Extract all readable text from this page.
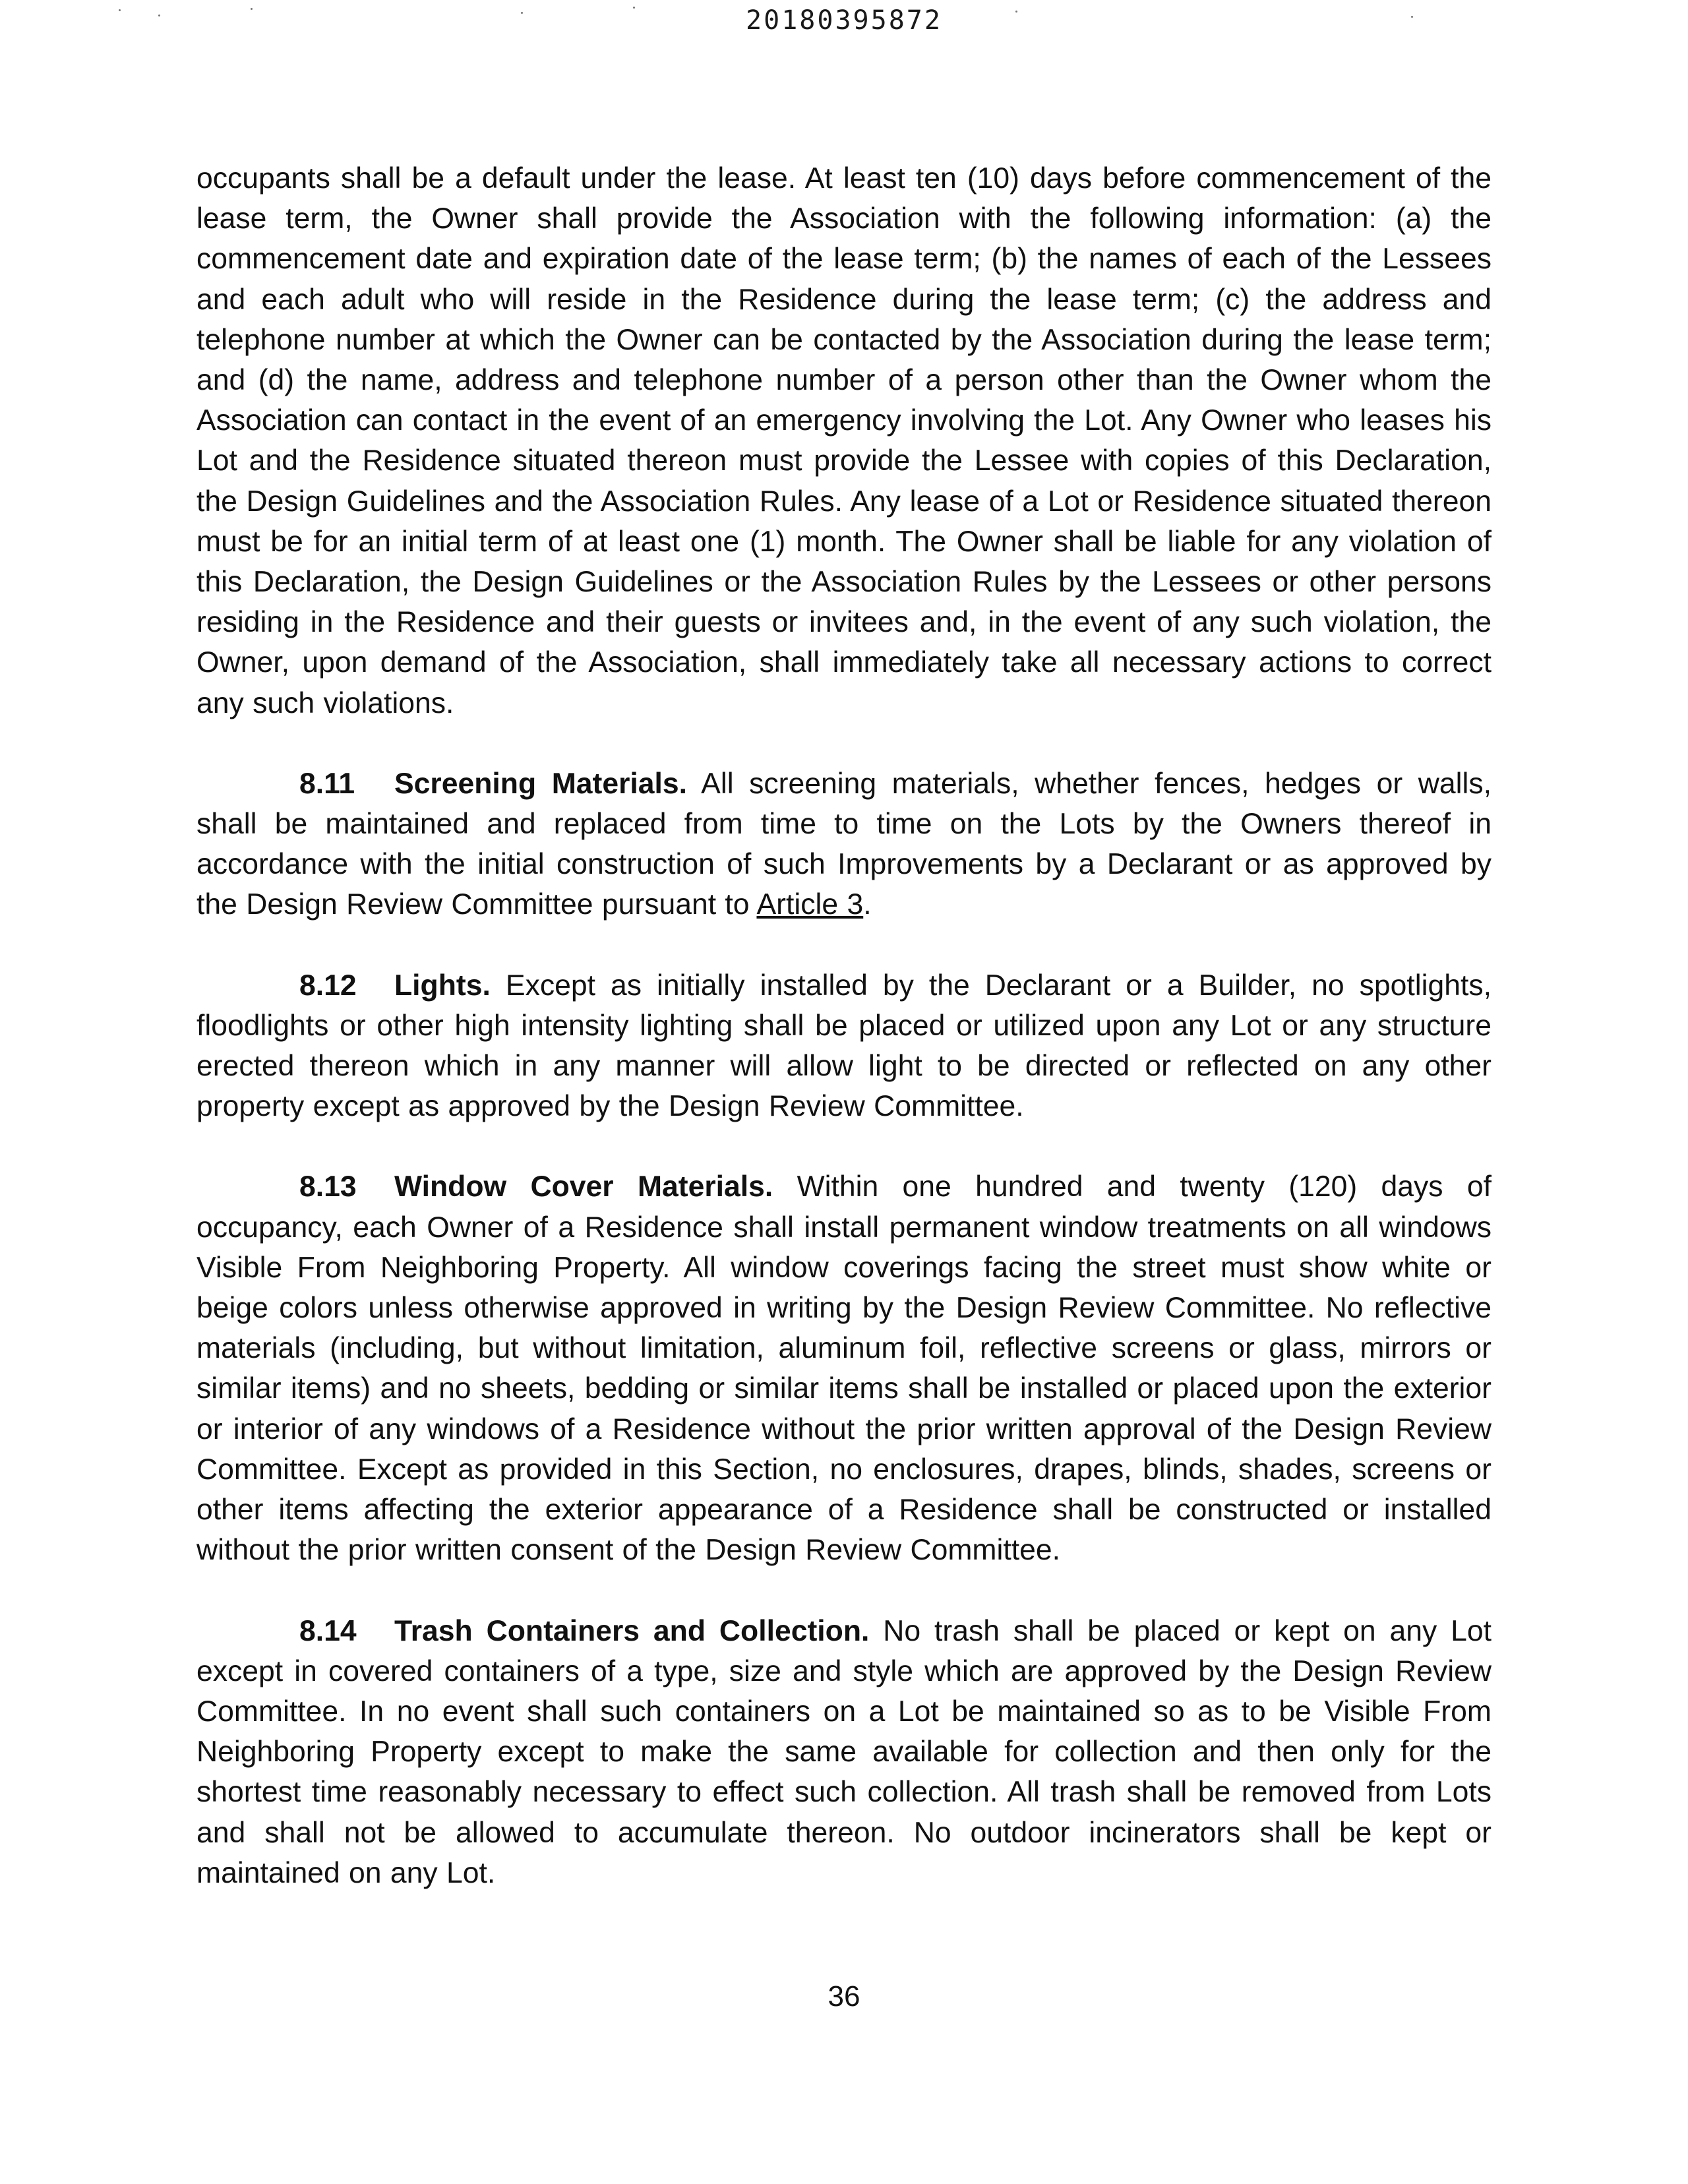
20180395872

occupants shall be a default under the lease. At least ten (10) days before commencement of the lease term, the Owner shall provide the Association with the following information: (a) the commencement date and expiration date of the lease term; (b) the names of each of the Lessees and each adult who will reside in the Residence during the lease term; (c) the address and telephone number at which the Owner can be contacted by the Association during the lease term; and (d) the name, address and telephone number of a person other than the Owner whom the Association can contact in the event of an emergency involving the Lot. Any Owner who leases his Lot and the Residence situated thereon must provide the Lessee with copies of this Declaration, the Design Guidelines and the Association Rules. Any lease of a Lot or Residence situated thereon must be for an initial term of at least one (1) month. The Owner shall be liable for any violation of this Declaration, the Design Guidelines or the Association Rules by the Lessees or other persons residing in the Residence and their guests or invitees and, in the event of any such violation, the Owner, upon demand of the Association, shall immediately take all necessary actions to correct any such violations.

8.11 Screening Materials. All screening materials, whether fences, hedges or walls, shall be maintained and replaced from time to time on the Lots by the Owners thereof in accordance with the initial construction of such Improvements by a Declarant or as approved by the Design Review Committee pursuant to Article 3.

8.12 Lights. Except as initially installed by the Declarant or a Builder, no spotlights, floodlights or other high intensity lighting shall be placed or utilized upon any Lot or any structure erected thereon which in any manner will allow light to be directed or reflected on any other property except as approved by the Design Review Committee.

8.13 Window Cover Materials. Within one hundred and twenty (120) days of occupancy, each Owner of a Residence shall install permanent window treatments on all windows Visible From Neighboring Property. All window coverings facing the street must show white or beige colors unless otherwise approved in writing by the Design Review Committee. No reflective materials (including, but without limitation, aluminum foil, reflective screens or glass, mirrors or similar items) and no sheets, bedding or similar items shall be installed or placed upon the exterior or interior of any windows of a Residence without the prior written approval of the Design Review Committee. Except as provided in this Section, no enclosures, drapes, blinds, shades, screens or other items affecting the exterior appearance of a Residence shall be constructed or installed without the prior written consent of the Design Review Committee.

8.14 Trash Containers and Collection. No trash shall be placed or kept on any Lot except in covered containers of a type, size and style which are approved by the Design Review Committee. In no event shall such containers on a Lot be maintained so as to be Visible From Neighboring Property except to make the same available for collection and then only for the shortest time reasonably necessary to effect such collection. All trash shall be removed from Lots and shall not be allowed to accumulate thereon. No outdoor incinerators shall be kept or maintained on any Lot.

36
